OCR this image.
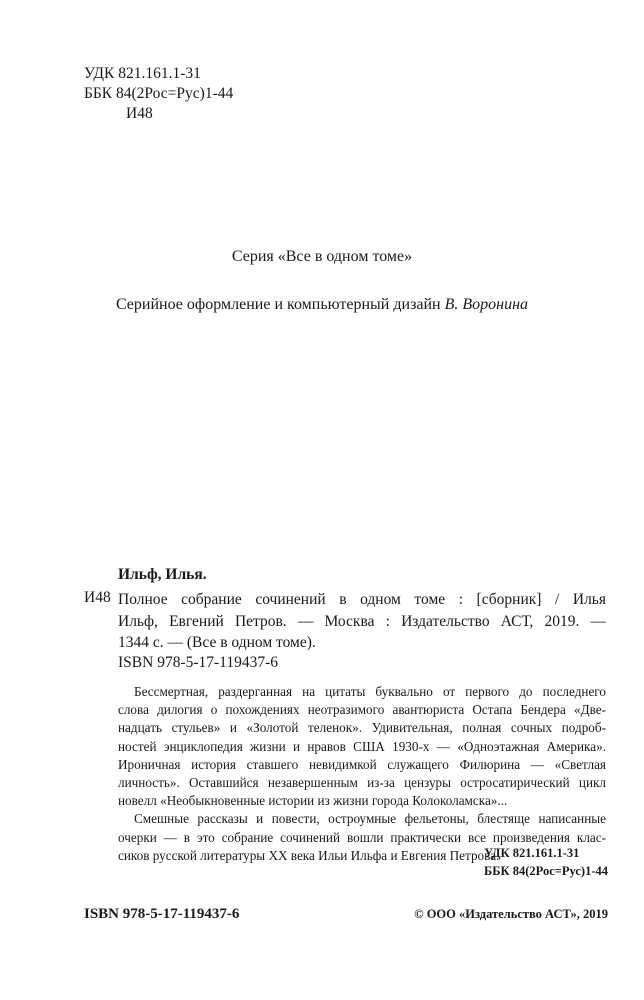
УДК 821.161.1-31
ББК 84(2Рос=Рус)1-44
И48
Серия «Все в одном томе»
Серийное оформление и компьютерный дизайн В. Воронина
Ильф, Илья.
И48 Полное собрание сочинений в одном томе : [сборник] / Илья
Ильф, Евгений Петров. — Москва : Издательство АСТ, 2019. —
1344 с. — (Все в одном томе).
ISBN 978-5-17-119437-6
Бессмертная, раздерганная на цитаты буквально от первого до последнего
слова дилогия о похождениях неотразимого авантюриста Остапа Бендера «Две-
надцать стульев» и «Золотой теленок». Удивительная, полная сочных подроб-
ностей энциклопедия жизни и нравов США 1930-х — «Одноэтажная Америка».
Ироничная история ставшего невидимкой служащего Филюрина — «Светлая
личность». Оставшийся незавершенным из-за цензуры остросатирический цикл
новелл «Необыкновенные истории из жизни города Колоколамска»...
Смешные рассказы и повести, остроумные фельетоны, блестяще написанные
очерки — в это собрание сочинений вошли практически все произведения клас-
сиков русской литературы XX века Ильи Ильфа и Евгения Петрова.
УДК 821.161.1-31
ББК 84(2Рос=Рус)1-44
ISBN 978-5-17-119437-6	© ООО «Издательство АСТ», 2019
